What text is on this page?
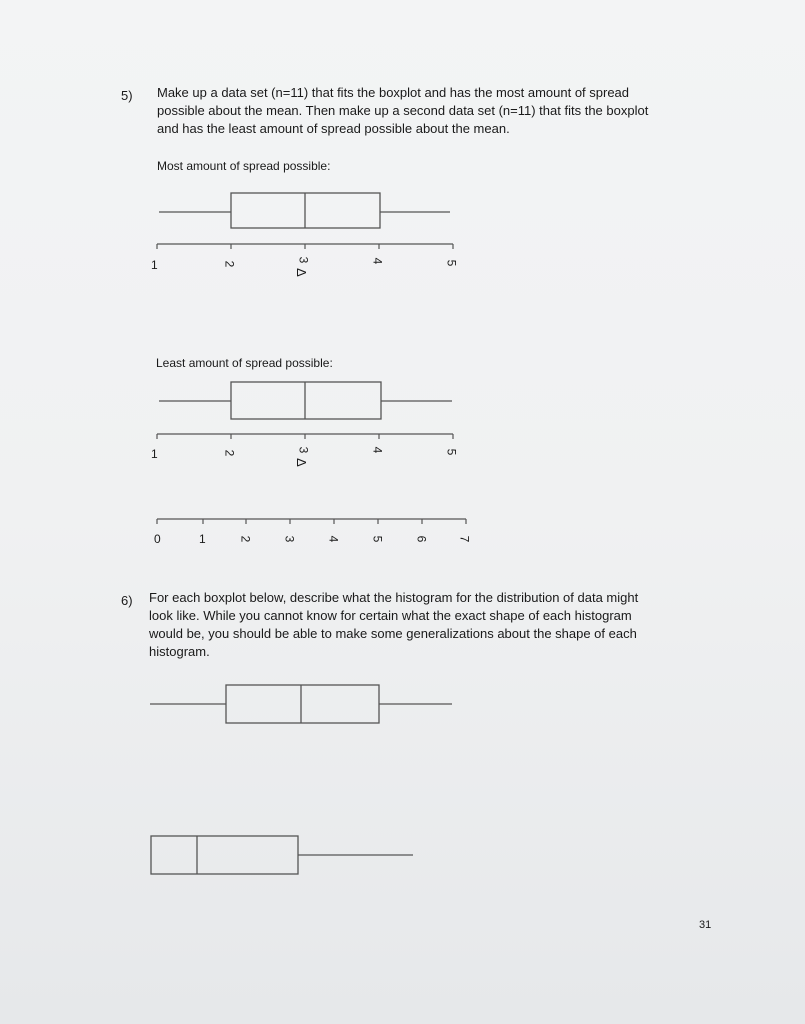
5) Make up a data set (n=11) that fits the boxplot and has the most amount of spread
possible about the mean. Then make up a second data set (n=11) that fits the boxplot
and has the least amount of spread possible about the mean.
Most amount of spread possible:
1	2
3
Δ
4	5
Least amount of spread possible:
1	2	3
Δ
4	5
0	1	2	3	4	5	6 7
6) For each boxplot below, describe what the histogram for the distribution of data might
look like. While you cannot know for certain what the exact shape of each histogram
would be, you should be able to make some generalizations about the shape of each
histogram.
31
